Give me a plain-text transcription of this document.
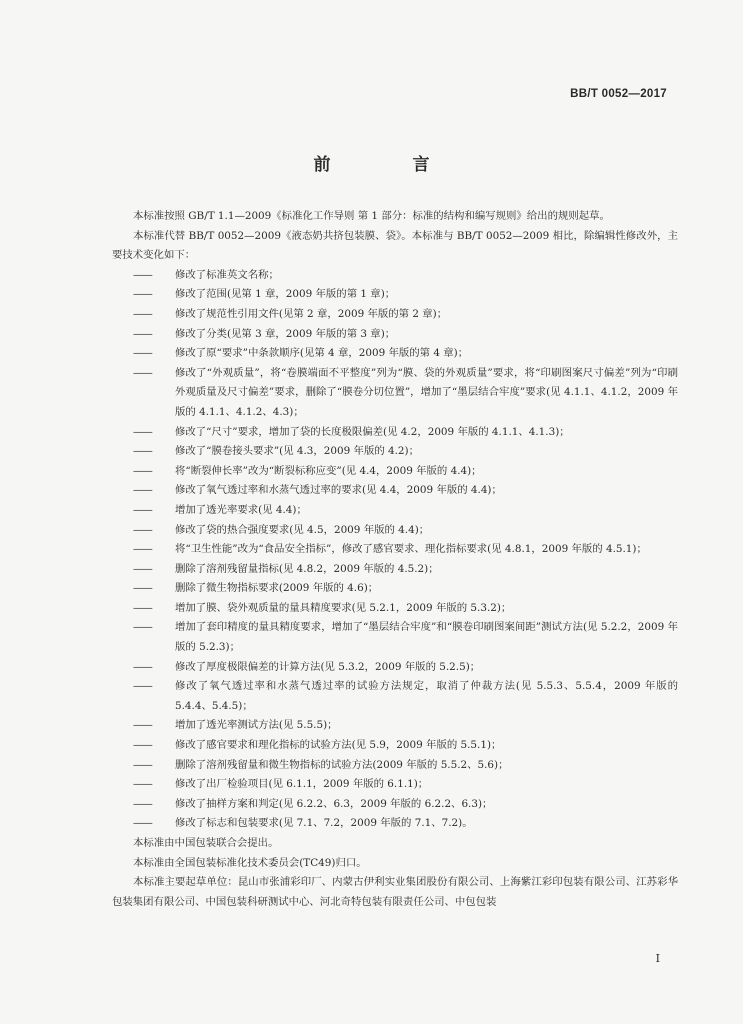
BB/T 0052—2017
前 言

本标准按照 GB/T 1.1—2009《标准化工作导则 第 1 部分：标准的结构和编写规则》给出的规则起草。

本标准代替 BB/T 0052—2009《液态奶共挤包装膜、袋》。本标准与 BB/T 0052—2009 相比，除编辑性修改外，主要技术变化如下：

——	修改了标准英文名称；
——	修改了范围(见第 1 章，2009 年版的第 1 章)；
——	修改了规范性引用文件(见第 2 章，2009 年版的第 2 章)；
——	修改了分类(见第 3 章，2009 年版的第 3 章)；
——	修改了原“要求”中条款顺序(见第 4 章，2009 年版的第 4 章)；
——	修改了“外观质量”，将“卷膜端面不平整度”列为“膜、袋的外观质量”要求，将“印刷图案尺寸偏差”列为“印刷外观质量及尺寸偏差”要求，删除了“膜卷分切位置”，增加了“墨层结合牢度”要求(见 4.1.1、4.1.2，2009 年版的 4.1.1、4.1.2、4.3)；
——	修改了“尺寸”要求，增加了袋的长度极限偏差(见 4.2，2009 年版的 4.1.1、4.1.3)；
——	修改了“膜卷接头要求”(见 4.3，2009 年版的 4.2)；
——	将“断裂伸长率”改为“断裂标称应变”(见 4.4，2009 年版的 4.4)；
——	修改了氧气透过率和水蒸气透过率的要求(见 4.4，2009 年版的 4.4)；
——	增加了透光率要求(见 4.4)；
——	修改了袋的热合强度要求(见 4.5，2009 年版的 4.4)；
——	将“卫生性能”改为“食品安全指标”，修改了感官要求、理化指标要求(见 4.8.1，2009 年版的 4.5.1)；
——	删除了溶剂残留量指标(见 4.8.2，2009 年版的 4.5.2)；
——	删除了微生物指标要求(2009 年版的 4.6)；
——	增加了膜、袋外观质量的量具精度要求(见 5.2.1，2009 年版的 5.3.2)；
——	增加了套印精度的量具精度要求，增加了“墨层结合牢度”和“膜卷印刷图案间距”测试方法(见 5.2.2，2009 年版的 5.2.3)；
——	修改了厚度极限偏差的计算方法(见 5.3.2，2009 年版的 5.2.5)；
——	修改了氧气透过率和水蒸气透过率的试验方法规定，取消了仲裁方法(见 5.5.3、5.5.4，2009 年版的 5.4.4、5.4.5)；
——	增加了透光率测试方法(见 5.5.5)；
——	修改了感官要求和理化指标的试验方法(见 5.9，2009 年版的 5.5.1)；
——	删除了溶剂残留量和微生物指标的试验方法(2009 年版的 5.5.2、5.6)；
——	修改了出厂检验项目(见 6.1.1，2009 年版的 6.1.1)；
——	修改了抽样方案和判定(见 6.2.2、6.3，2009 年版的 6.2.2、6.3)；
——	修改了标志和包装要求(见 7.1、7.2，2009 年版的 7.1、7.2)。

本标准由中国包装联合会提出。

本标准由全国包装标准化技术委员会(TC49)归口。

本标准主要起草单位：昆山市张浦彩印厂、内蒙古伊利实业集团股份有限公司、上海紫江彩印包装有限公司、江苏彩华包装集团有限公司、中国包装科研测试中心、河北奇特包装有限责任公司、中包包装

I
